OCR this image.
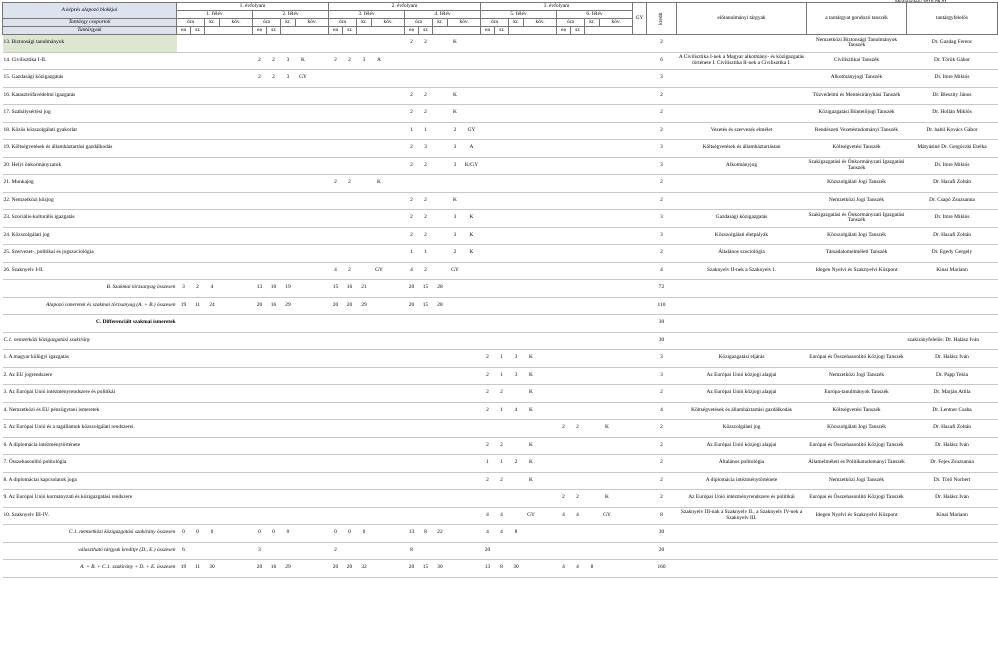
Mintatanterv 2015.09.01
A képzés alapozó blokkjai	1. évfolyam										2. évfolyam										3. évfolyam										GY	kredit	előtanulmányi tárgyak	a tantárgyat gondozó tanszék	tantárgyfelelős
	1. félév					2. félév					3. félév					4. félév					5. félév					6. félév									
Tantárgy csoportok	óra		kr.	köv.		óra		kr.	köv.		óra		kr.	köv.		óra		kr.	köv.		óra		kr.	köv.		óra		kr.	köv.						
Tantárgyak	ea	sz				ea	sz				ea	sz				ea	sz				ea	sz				ea	sz								
13. Biztonsági tanulmányok																2	2		K													2		Nemzetközi Biztonsági Tanulmányok Tanszék	Dr. Gazdag Ferenc

14. Civilisztika I-II.						2	2	3	K		2	2	3	A																		6	A Civilisztika I-nek a Magyar alkotmány- és közigazgatás története I. Civilisztika II-nek a Civilisztika I.	Civilisztikai Tanszék	Dr. Török Gábor

15. Gazdasági közigazgatás						2	2	3	GY																							3		Alkotmányjogi Tanszék	Dr. Imre Miklós

16. Katasztrófavédelmi igazgatás																2	2		K													2		Tűzvédelmi és Mentésirányítási Tanszék	Dr. Bleszity János

17. Szabálysértési jog																2	2		K													2		Közigazgatási Büntetőjogi Tanszék	Dr. Hollán Miklós

18. Közös közszolgálati gyakorlat																1	1		2	GY												2	Vezetés és szervezés elmélet	Rendészeti Vezetéstudományi Tanszék	Dr. habil Kovács Gábor

19. Költségvetések és államháztartási gazdálkodás																2	3		3	A												3	Költségvetések és államháztartástan	Költségvetési Tanszék	Mátyásiné Dr. Gergóczki Etelka

20. Helyi önkormányzatok																2	2		3	K/GY												3	Alkotmányjog	Szakigazgatási és Önkormányzati Igazgatási Tanszék	Dr. Imre Miklós

21. Munkajog											2	2		K																		2		Közszolgálati Jogi Tanszék	Dr. Hazafi Zoltán

22. Nemzetközi közjog																2	2		K													2		Nemzetközi Jogi Tanszék	Dr. Csapó Zsuzsanna

23. Szociális-kulturális igazgatás																2	2		3	K												3	Gazdasági közigazgatás	Szakigazgatási és Önkormányzati Igazgatási Tanszék	Dr. Imre Miklós

24. Közszolgálati jog																2	2		3	K												3	Közszolgálati életpályák	Közszolgálati Jogi Tanszék	Dr. Hazafi Zoltán

25. Szervezet-, politikai és jogszociológia																1	1		2	K												2	Általános szociológia	Társadalomelméleti Tanszék	Dr. Egedy Gergely

26. Szaknyelv I-II.											4	2		GY		4	2		GY													4	Szaknyelv II-nek a Szaknyelv I.	Idegen Nyelvi és Szaknyelvi Központ	Kinai Mariann

B. Szakmai törzsanyag összesen	3	2	4			13	10	19			15	16	21			20	15	28														72			

Alapozó ismeretek és szakmai törzsanyag (A. + B.) összesen	19	11	24			20	16	29			20	20	29			20	15	28														110			

C. Differenciált szakmai ismeretek																																30			

C.1. nemzetközi közigazgatási szakirány																																30			szakirányfelelős: Dr. Halász Iván

1. A magyar külügyi igazgatás																					2	1	3	K								3	Közigazgatási eljárás	Európai és Összehasonlító Közjogi Tanszék	Dr. Halász Iván

2. Az EU jogrendszere																					2	1	3	K								3	Az Európai Unió közjogi alapjai	Nemzetközi Jogi Tanszék	Dr. Papp Tekla

3. Az Európai Unió intézményrendszere és politikái																					2	2		K								2	Az Európai Unió közjogi alapjai	Európa-tanulmányok Tanszék	Dr. Marján Attila

4. Nemzetközi és EU pénzügytani ismeretek																					2	1	4	K								4	Költségvetések és államháztartási gazdálkodás	Költségvetési Tanszék	Dr. Lentner Csaba

5. Az Európai Unió és a tagállamok közszolgálati rendszerei																										2	2		K			2	Közszolgálati jog	Közszolgálati Jogi Tanszék	Dr. Hazafi Zoltán

6. A diplomácia intézménytörténete																					2	2		K								2	Az Európai Unió közjogi alapjai	Európai és Összehasonlító Közjogi Tanszék	Dr. Halász Iván

7. Összehasonlító politológia																					1	1	2	K								2	Általános politológia	Államelméleti és Politikatudományi Tanszék	Dr. Fejes Zsuzsanna

8. A diplomáciai kapcsolatok joga																					2	2		K								2	A diplomácia intézménytörténete	Nemzetközi Jogi Tanszék	Dr. Törő Norbert

9. Az Európai Unió kormányzati és közigazgatási rendszere																										2	2		K			2	Az Európai Unió intézményrendszere és politikái	Európai és Összehasonlító Közjogi Tanszék	Dr. Halász Iván

10. Szaknyelv III-IV.																					4	4		GY		4	4		GY			8	Szaknyelv III-nak a Szaknyelv II., a Szaknyelv IV-nek a Szaknyelv III.	Idegen Nyelvi és Szaknyelvi Központ	Kinai Mariann

C.1. nemzetközi közigazgatási szakirány összesen	0	0	0			0	0	0			0	0	0			13	8	22			4	4	8									30			

választható tárgyak kreditje (D., E.) összesen	6					3					2					8					20											20			

A. + B. + C.1. szakirány + D. + E. összesen	19	11	30			20	16	29			20	20	32			20	15	30			13	8	30			4	4	8				160			
